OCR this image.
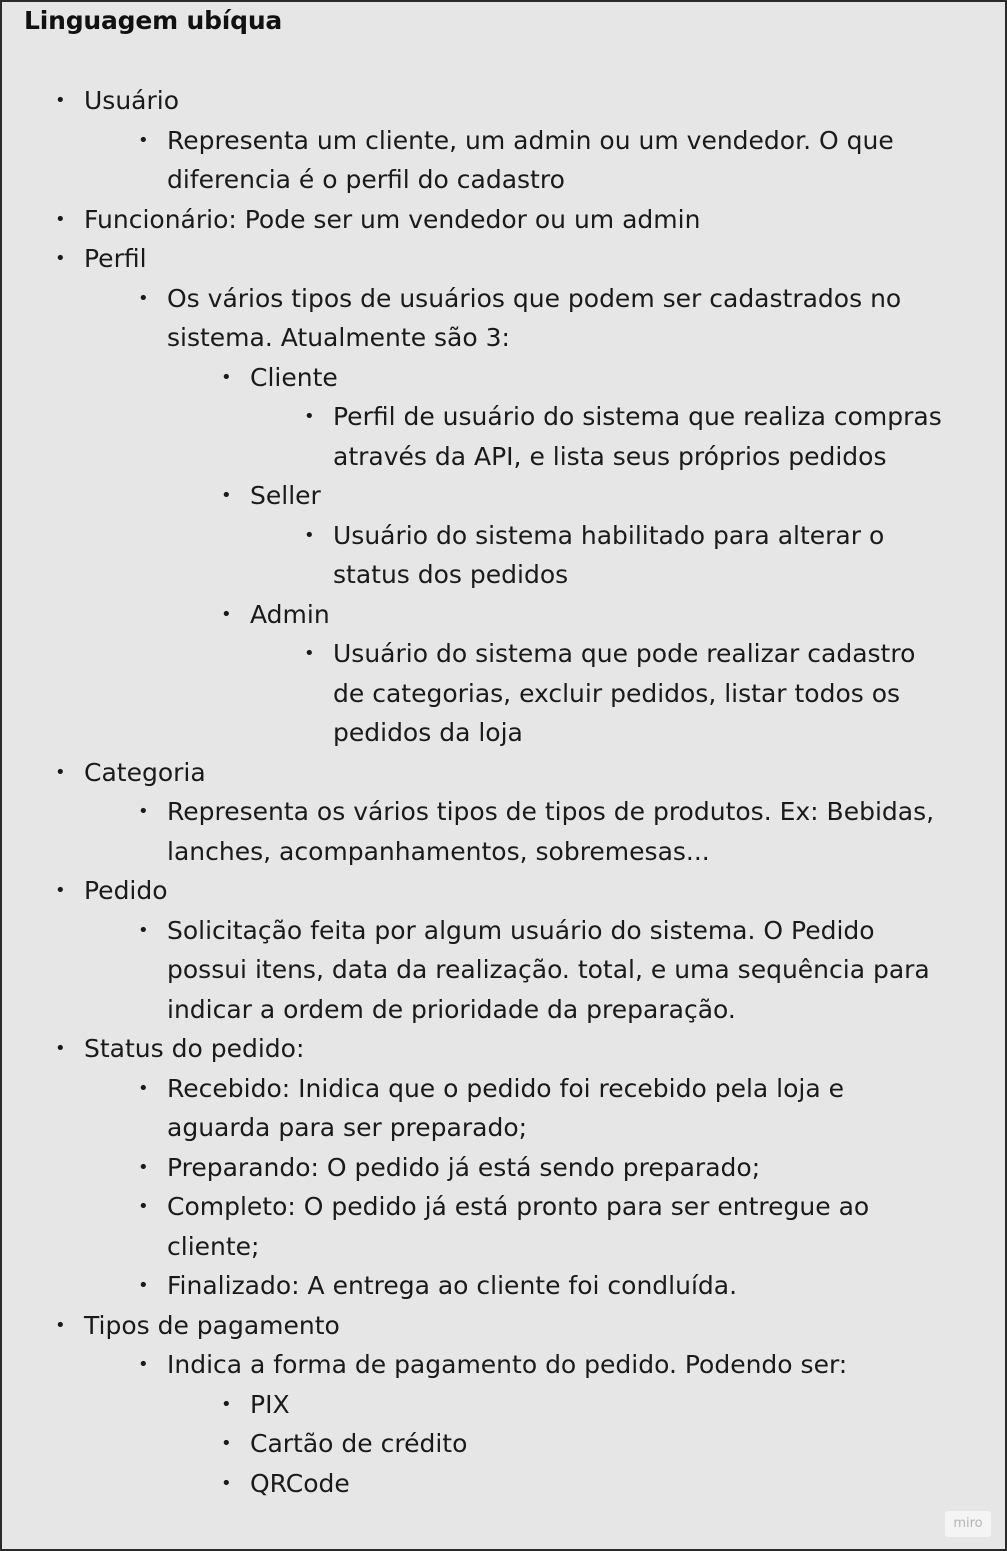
Linguagem ubíqua
• Usuário
• Representa um cliente, um admin ou um vendedor. O que
diferencia é o perfil do cadastro
• Funcionário: Pode ser um vendedor ou um admin
• Perfil
• Os vários tipos de usuários que podem ser cadastrados no
sistema. Atualmente são 3:
• Cliente
• Perfil de usuário do sistema que realiza compras
através da API, e lista seus próprios pedidos
• Seller
• Usuário do sistema habilitado para alterar o
status dos pedidos
• Admin
• Usuário do sistema que pode realizar cadastro
de categorias, excluir pedidos, listar todos os
pedidos da loja
• Categoria
• Representa os vários tipos de tipos de produtos. Ex: Bebidas,
lanches, acompanhamentos, sobremesas...
• Pedido
• Solicitação feita por algum usuário do sistema. O Pedido
possui itens, data da realização. total, e uma sequência para
indicar a ordem de prioridade da preparação.
• Status do pedido:
• Recebido: Inidica que o pedido foi recebido pela loja e
aguarda para ser preparado;
• Preparando: O pedido já está sendo preparado;
• Completo: O pedido já está pronto para ser entregue ao
cliente;
• Finalizado: A entrega ao cliente foi condluída.
• Tipos de pagamento
• Indica a forma de pagamento do pedido. Podendo ser:
• PIX
• Cartão de crédito
• QRCode
miro
